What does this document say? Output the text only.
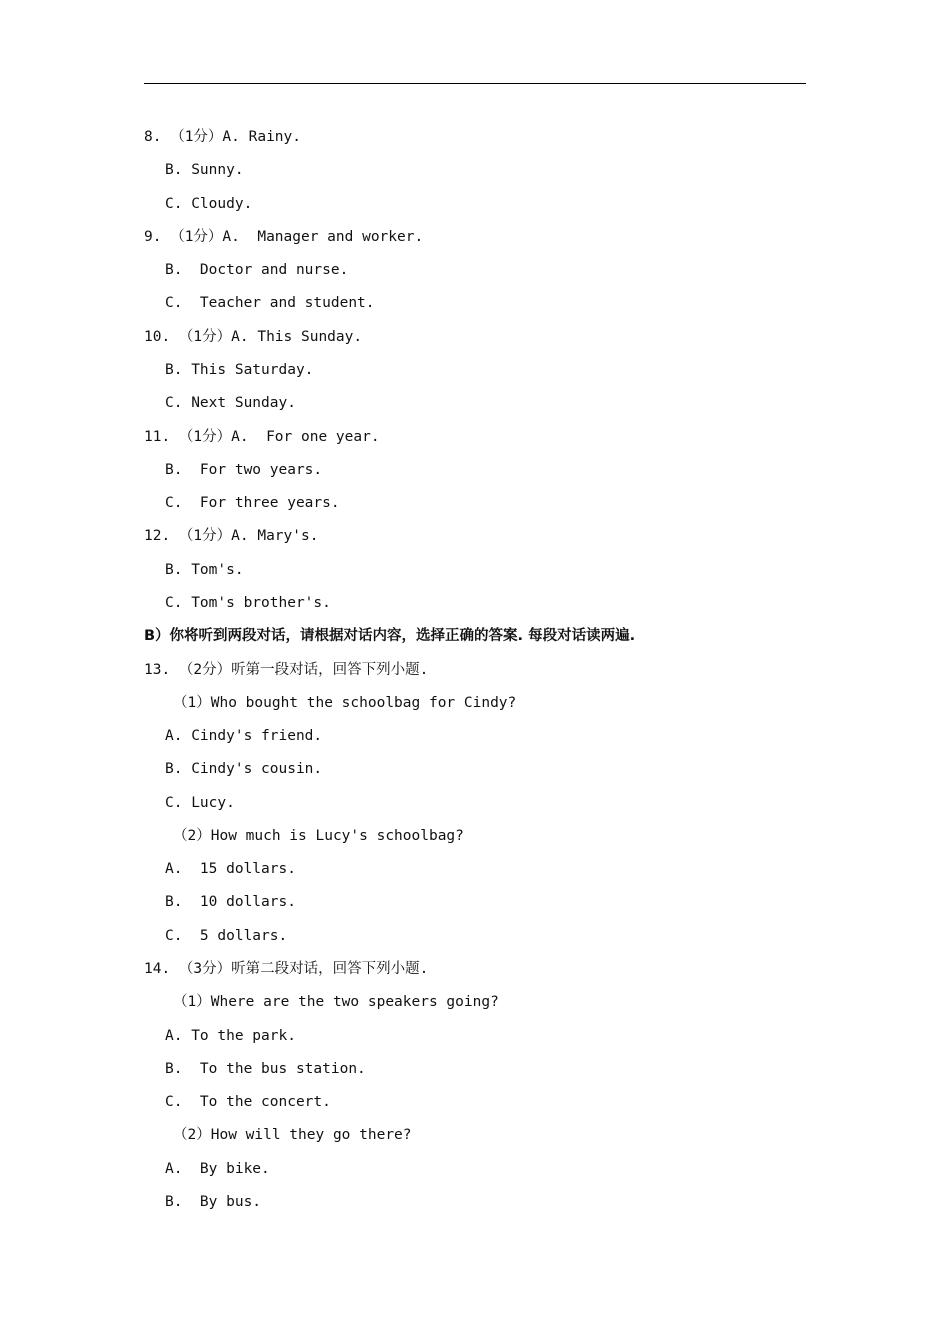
8. （1分）A. Rainy.
B. Sunny.
C. Cloudy.
9. （1分）A.  Manager and worker.
B.  Doctor and nurse.
C.  Teacher and student.
10. （1分）A. This Sunday.
B. This Saturday.
C. Next Sunday.
11. （1分）A.  For one year.
B.  For two years.
C.  For three years.
12. （1分）A. Mary's.
B. Tom's.
C. Tom's brother's.
B）你将听到两段对话，请根据对话内容，选择正确的答案. 每段对话读两遍.
13. （2分）听第一段对话，回答下列小题.
（1）Who bought the schoolbag for Cindy?
A. Cindy's friend.
B. Cindy's cousin.
C. Lucy.
（2）How much is Lucy's schoolbag?
A.  15 dollars.
B.  10 dollars.
C.  5 dollars.
14. （3分）听第二段对话，回答下列小题.
（1）Where are the two speakers going?
A. To the park.
B.  To the bus station.
C.  To the concert.
（2）How will they go there?
A.  By bike.
B.  By bus.
